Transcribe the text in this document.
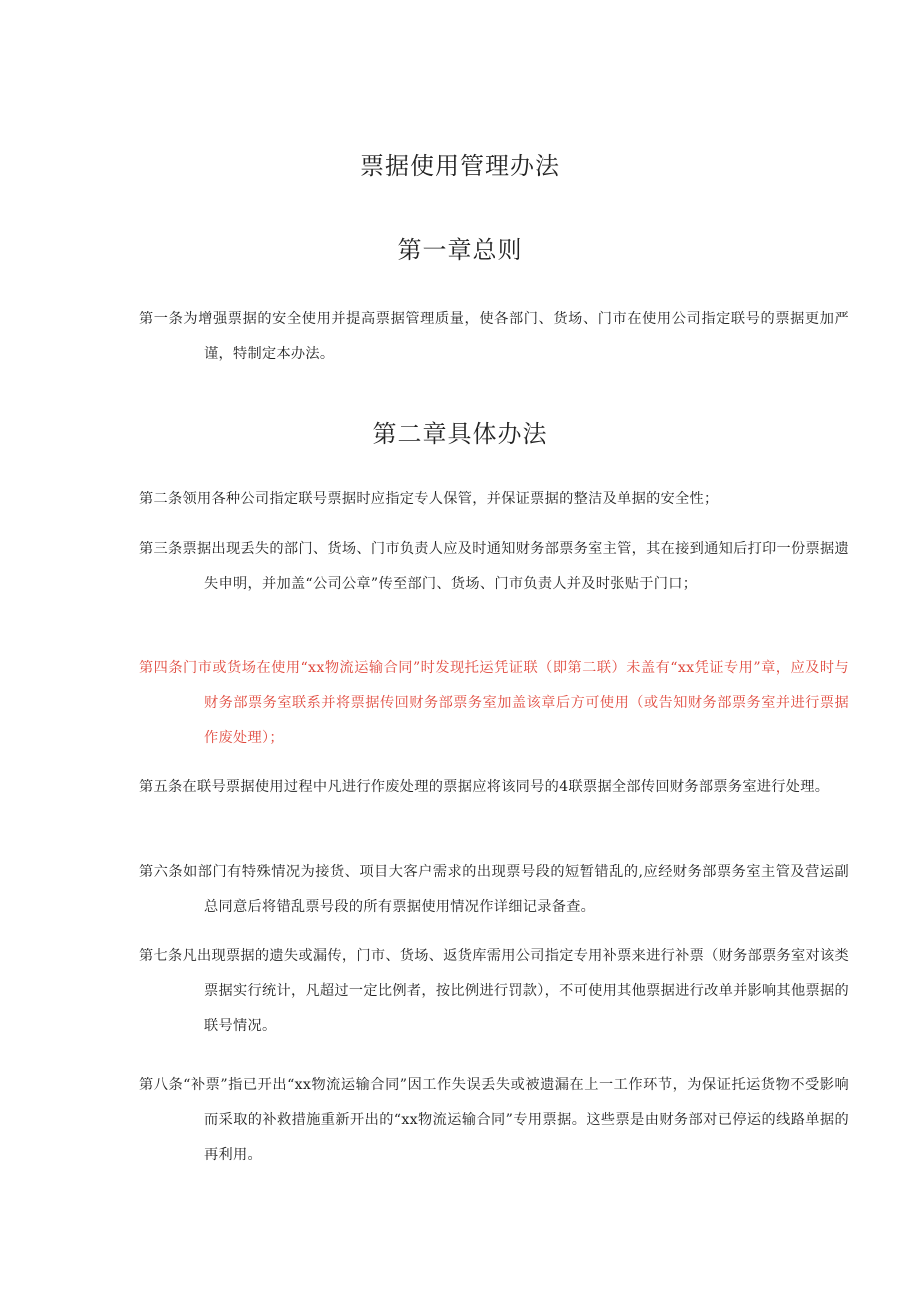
票据使用管理办法
第一章总则
第一条为增强票据的安全使用并提高票据管理质量，使各部门、货场、门市在使用公司指定联号的票据更加严谨，特制定本办法。
第二章具体办法
第二条领用各种公司指定联号票据时应指定专人保管，并保证票据的整洁及单据的安全性；
第三条票据出现丢失的部门、货场、门市负责人应及时通知财务部票务室主管，其在接到通知后打印一份票据遗失申明，并加盖“公司公章”传至部门、货场、门市负责人并及时张贴于门口；
第四条门市或货场在使用“xx物流运输合同”时发现托运凭证联（即第二联）未盖有“xx凭证专用”章，应及时与财务部票务室联系并将票据传回财务部票务室加盖该章后方可使用（或告知财务部票务室并进行票据作废处理）；
第五条在联号票据使用过程中凡进行作废处理的票据应将该同号的4联票据全部传回财务部票务室进行处理。
第六条如部门有特殊情况为接货、项目大客户需求的出现票号段的短暂错乱的,应经财务部票务室主管及营运副总同意后将错乱票号段的所有票据使用情况作详细记录备查。
第七条凡出现票据的遗失或漏传，门市、货场、返货库需用公司指定专用补票来进行补票（财务部票务室对该类票据实行统计，凡超过一定比例者，按比例进行罚款），不可使用其他票据进行改单并影响其他票据的联号情况。
第八条“补票”指已开出“xx物流运输合同”因工作失误丢失或被遗漏在上一工作环节，为保证托运货物不受影响而采取的补救措施重新开出的“xx物流运输合同”专用票据。这些票是由财务部对已停运的线路单据的再利用。
